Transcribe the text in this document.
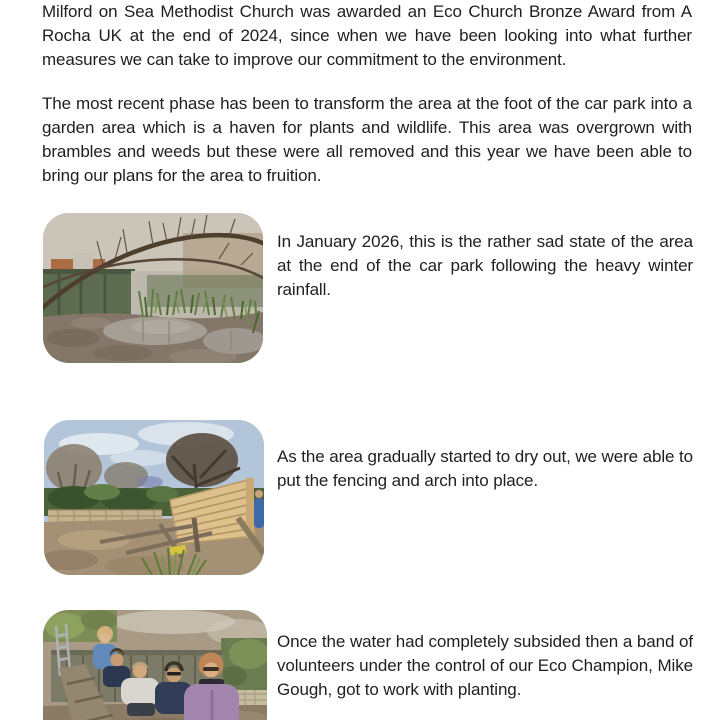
Milford on Sea Methodist Church was awarded an Eco Church Bronze Award from A Rocha UK at the end of 2024, since when we have been looking into what further measures we can take to improve our commitment to the environment.

The most recent phase has been to transform the area at the foot of the car park into a garden area which is a haven for plants and wildlife. This area was overgrown with brambles and weeds but these were all removed and this year we have been able to bring our plans for the area to fruition.

In January 2026, this is the rather sad state of the area at the end of the car park following the heavy winter rainfall.

As the area gradually started to dry out, we were able to put the fencing and arch into place.

Once the water had completely subsided then a band of volunteers under the control of our Eco Champion, Mike Gough, got to work with planting.
